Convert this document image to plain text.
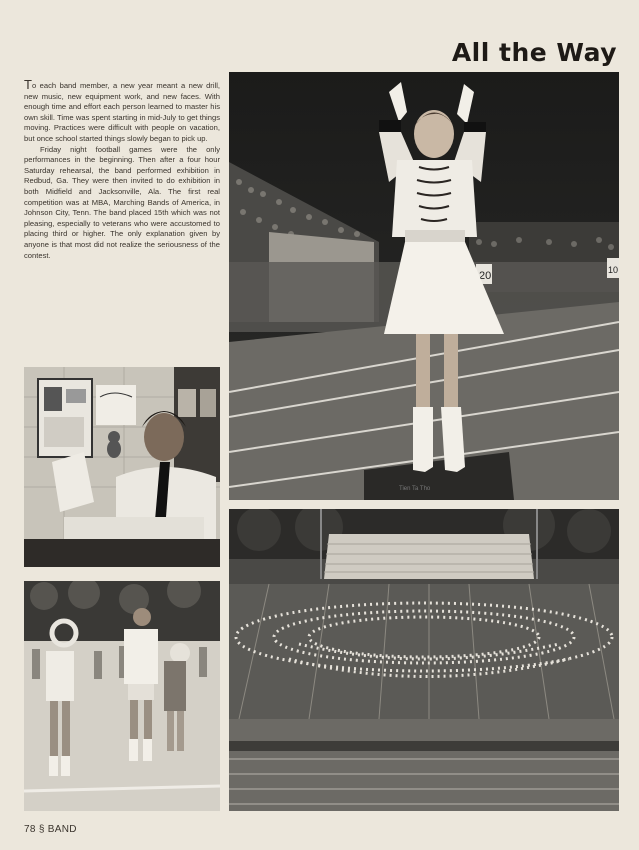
All the Way

To each band member, a new year meant a new drill, new music, new equipment work, and new faces. With enough time and effort each person learned to master his own skill. Time was spent starting in mid-July to get things moving. Practices were difficult with people on vacation, but once school started things slowly began to pick up.

Friday night football games were the only performances in the beginning. Then after a four hour Saturday rehearsal, the band performed exhibition in Redbud, Ga. They were then invited to do exhibition in both Midfield and Jacksonville, Ala. The first real competition was at MBA, Marching Bands of America, in Johnson City, Tenn. The band placed 15th which was not pleasing, especially to veterans who were accustomed to placing third or higher. The only explanation given by anyone is that most did not realize the seriousness of the contest.

20	10
Tien Ta Tho
78 § BAND
